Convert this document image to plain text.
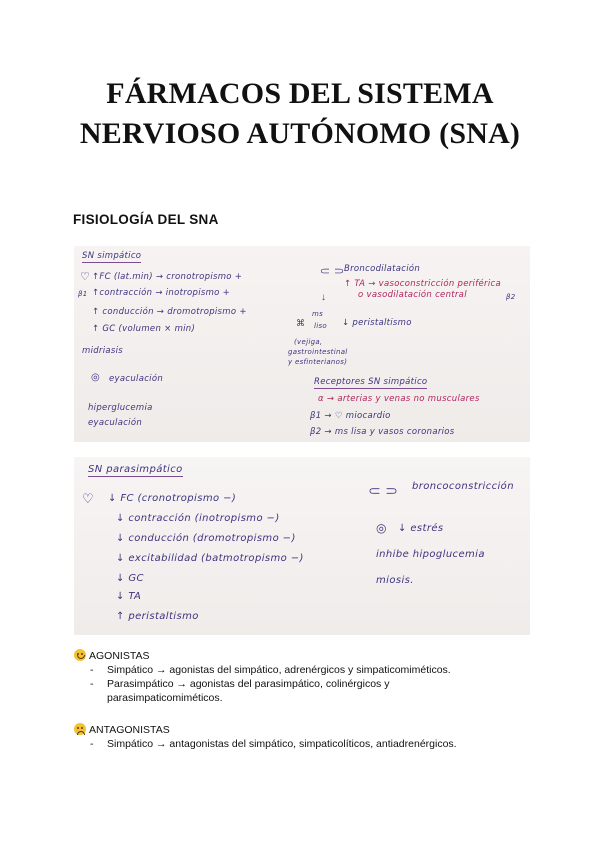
FÁRMACOS DEL SISTEMA
NERVIOSO AUTÓNOMO (SNA)
FISIOLOGÍA DEL SNA
SN simpático
♡ ↑FC (lat.min) → cronotropismo +
β1 ↑contracción → inotropismo +
↑ conducción → dromotropismo +
↑ GC (volumen × min)
midriasis
◎ eyaculación
hiperglucemia
eyaculación
⸦⸧
Broncodilatación
↑ TA → vasoconstricción periférica
o vasodilatación central	β2
↓
ms
liso
⌘	↓ peristaltismo
(vejiga,
gastrointestinal
y esfinterianos)
Receptores SN simpático
α → arterias y venas no musculares
β1 → ♡ miocardio
β2 → ms lisa y vasos coronarios
SN parasimpático
♡ ↓ FC (cronotropismo −)
↓ contracción (inotropismo −)
↓ conducción (dromotropismo −)
↓ excitabilidad (batmotropismo −)
↓ GC
↓ TA
↑ peristaltismo
⸦⸧ broncoconstricción
◎ ↓ estrés
inhibe hipoglucemia
miosis.
AGONISTAS
- Simpático → agonistas del simpático, adrenérgicos y simpaticomiméticos.
- Parasimpático → agonistas del parasimpático, colinérgicos y
parasimpaticomiméticos.
ANTAGONISTAS
- Simpático → antagonistas del simpático, simpaticolíticos, antiadrenérgicos.
